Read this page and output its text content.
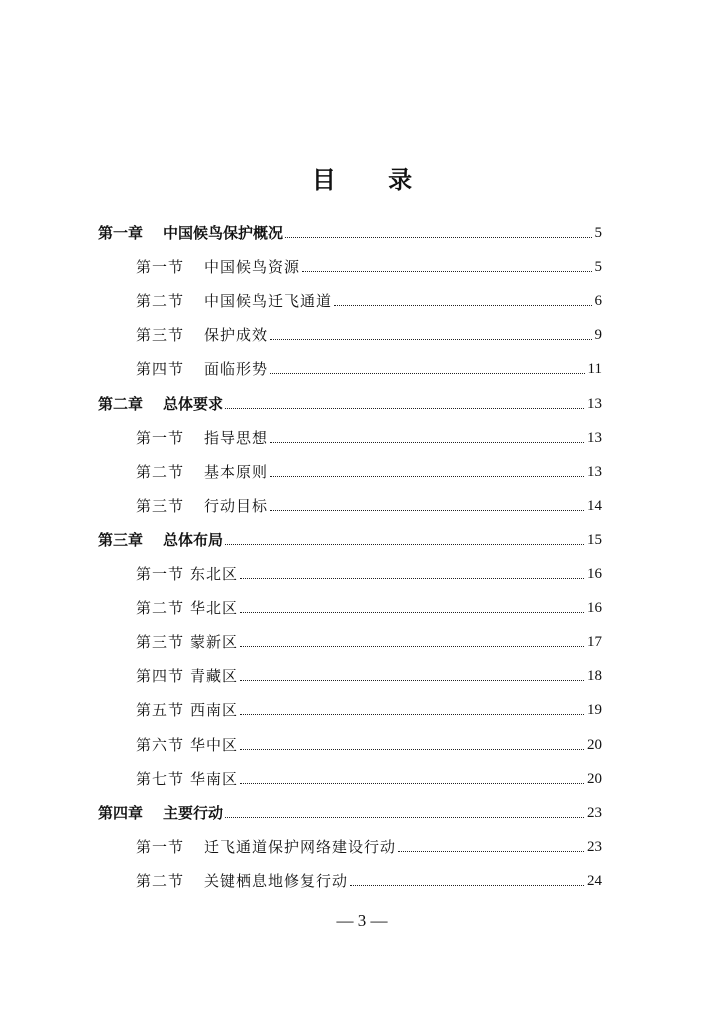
目 录
第一章 中国候鸟保护概况	5
第一节 中国候鸟资源	5
第二节 中国候鸟迁飞通道	6
第三节 保护成效	9
第四节 面临形势	11
第二章 总体要求	13
第一节 指导思想	13
第二节 基本原则	13
第三节 行动目标	14
第三章 总体布局	15
第一节 东北区	16
第二节 华北区	16
第三节 蒙新区	17
第四节 青藏区	18
第五节 西南区	19
第六节 华中区	20
第七节 华南区	20
第四章 主要行动	23
第一节 迁飞通道保护网络建设行动	23
第二节 关键栖息地修复行动	24
— 3 —
